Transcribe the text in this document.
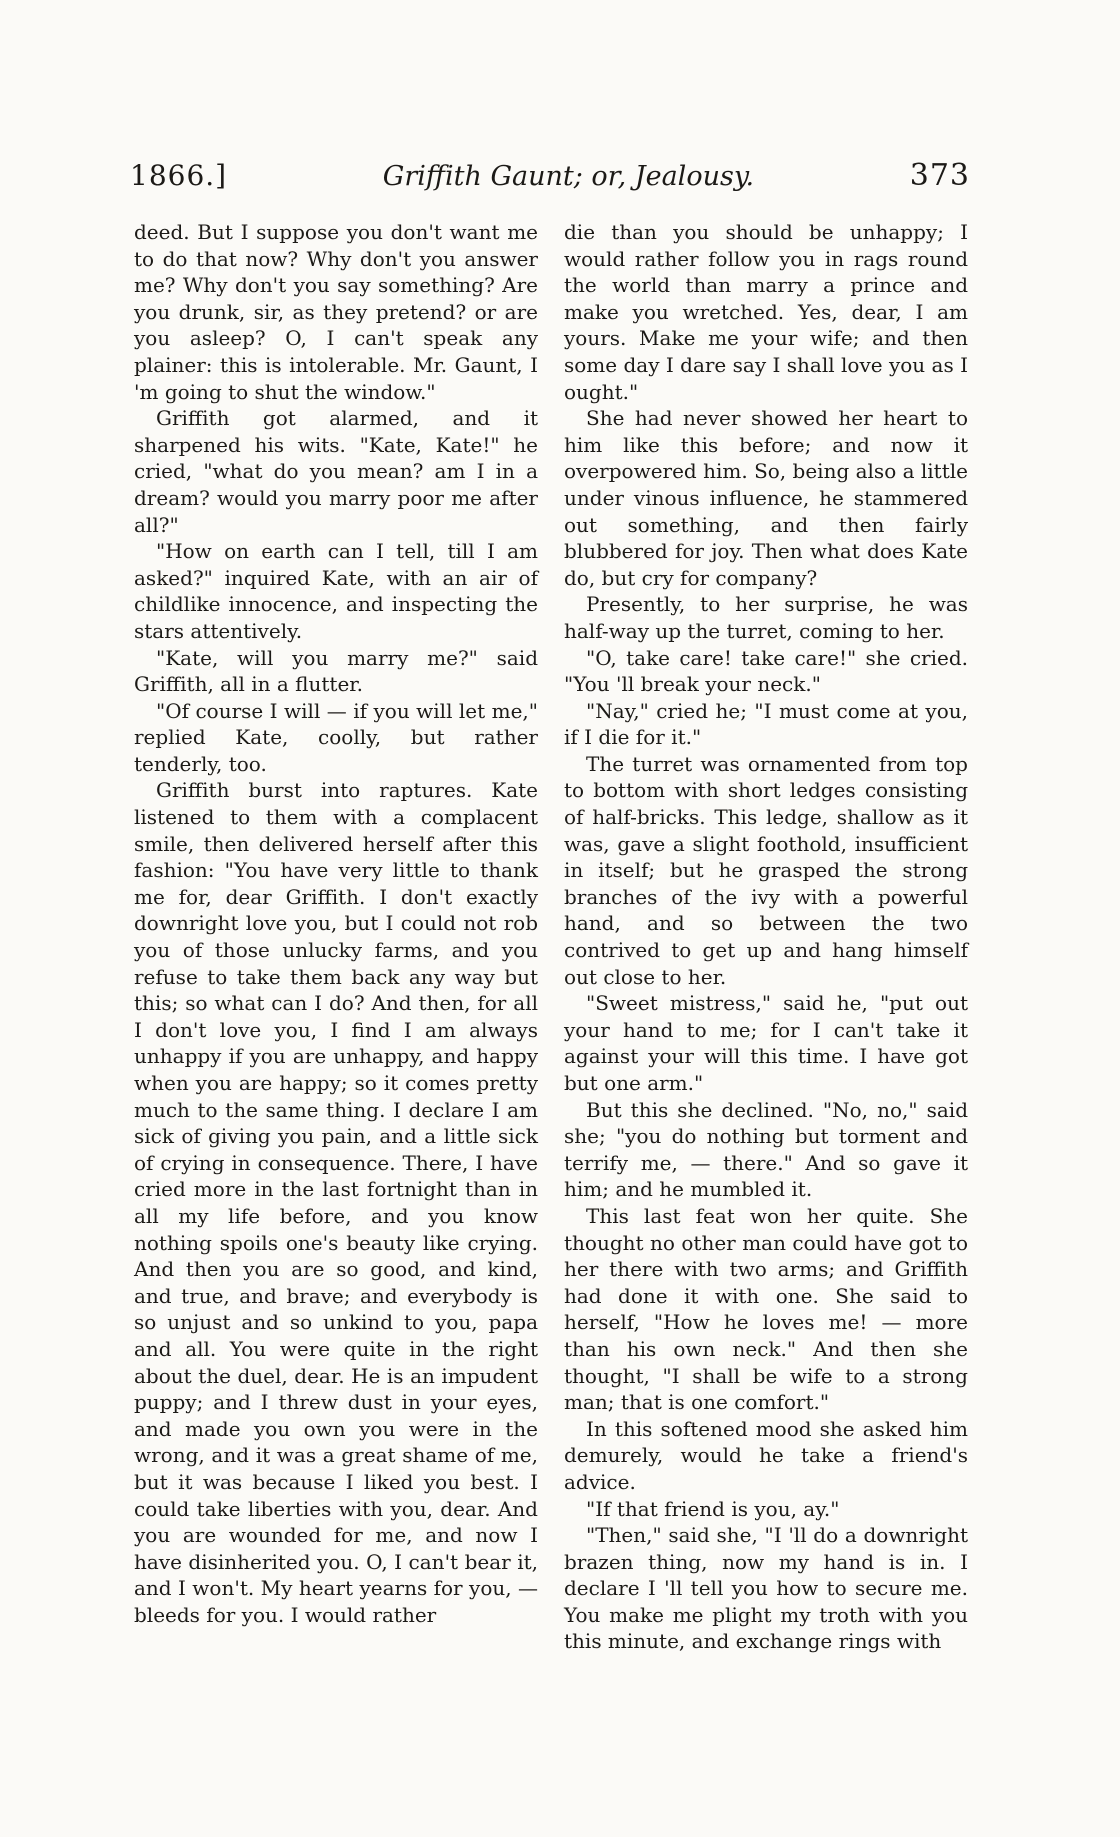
1866.]	Griffith Gaunt; or, Jealousy.	373

deed. But I suppose you don't want me to do that now? Why don't you answer me? Why don't you say something? Are you drunk, sir, as they pretend? or are you asleep? O, I can't speak any plainer: this is intolerable. Mr. Gaunt, I 'm going to shut the window."

Griffith got alarmed, and it sharpened his wits. "Kate, Kate!" he cried, "what do you mean? am I in a dream? would you marry poor me after all?"

"How on earth can I tell, till I am asked?" inquired Kate, with an air of childlike innocence, and inspecting the stars attentively.

"Kate, will you marry me?" said Griffith, all in a flutter.

"Of course I will — if you will let me," replied Kate, coolly, but rather tenderly, too.

Griffith burst into raptures. Kate listened to them with a complacent smile, then delivered herself after this fashion: "You have very little to thank me for, dear Griffith. I don't exactly downright love you, but I could not rob you of those unlucky farms, and you refuse to take them back any way but this; so what can I do? And then, for all I don't love you, I find I am always unhappy if you are unhappy, and happy when you are happy; so it comes pretty much to the same thing. I declare I am sick of giving you pain, and a little sick of crying in consequence. There, I have cried more in the last fortnight than in all my life before, and you know nothing spoils one's beauty like crying. And then you are so good, and kind, and true, and brave; and everybody is so unjust and so unkind to you, papa and all. You were quite in the right about the duel, dear. He is an impudent puppy; and I threw dust in your eyes, and made you own you were in the wrong, and it was a great shame of me, but it was because I liked you best. I could take liberties with you, dear. And you are wounded for me, and now I have disinherited you. O, I can't bear it, and I won't. My heart yearns for you, — bleeds for you. I would rather

die than you should be unhappy; I would rather follow you in rags round the world than marry a prince and make you wretched. Yes, dear, I am yours. Make me your wife; and then some day I dare say I shall love you as I ought."

She had never showed her heart to him like this before; and now it overpowered him. So, being also a little under vinous influence, he stammered out something, and then fairly blubbered for joy. Then what does Kate do, but cry for company?

Presently, to her surprise, he was half-way up the turret, coming to her.

"O, take care! take care!" she cried. "You 'll break your neck."

"Nay," cried he; "I must come at you, if I die for it."

The turret was ornamented from top to bottom with short ledges consisting of half-bricks. This ledge, shallow as it was, gave a slight foothold, insufficient in itself; but he grasped the strong branches of the ivy with a powerful hand, and so between the two contrived to get up and hang himself out close to her.

"Sweet mistress," said he, "put out your hand to me; for I can't take it against your will this time. I have got but one arm."

But this she declined. "No, no," said she; "you do nothing but torment and terrify me, — there." And so gave it him; and he mumbled it.

This last feat won her quite. She thought no other man could have got to her there with two arms; and Griffith had done it with one. She said to herself, "How he loves me! — more than his own neck." And then she thought, "I shall be wife to a strong man; that is one comfort."

In this softened mood she asked him demurely, would he take a friend's advice.

"If that friend is you, ay."

"Then," said she, "I 'll do a downright brazen thing, now my hand is in. I declare I 'll tell you how to secure me. You make me plight my troth with you this minute, and exchange rings with
